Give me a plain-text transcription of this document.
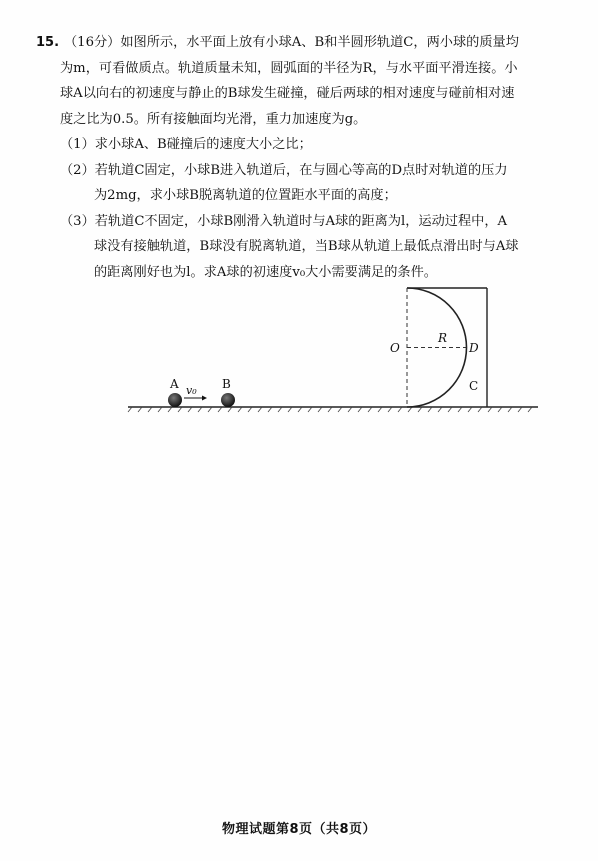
15. （16分）如图所示，水平面上放有小球A、B和半圆形轨道C，两小球的质量均
为m，可看做质点。轨道质量未知，圆弧面的半径为R，与水平面平滑连接。小
球A以向右的初速度与静止的B球发生碰撞，碰后两球的相对速度与碰前相对速
度之比为0.5。所有接触面均光滑，重力加速度为g。
（1）求小球A、B碰撞后的速度大小之比；
（2）若轨道C固定，小球B进入轨道后，在与圆心等高的D点时对轨道的压力
为2mg，求小球B脱离轨道的位置距水平面的高度；
（3）若轨道C不固定，小球B刚滑入轨道时与A球的距离为l，运动过程中，A
球没有接触轨道，B球没有脱离轨道，当B球从轨道上最低点滑出时与A球
的距离刚好也为l。求A球的初速度v₀大小需要满足的条件。
A v₀ B
O
R
D
C
物理试题第8页（共8页）
